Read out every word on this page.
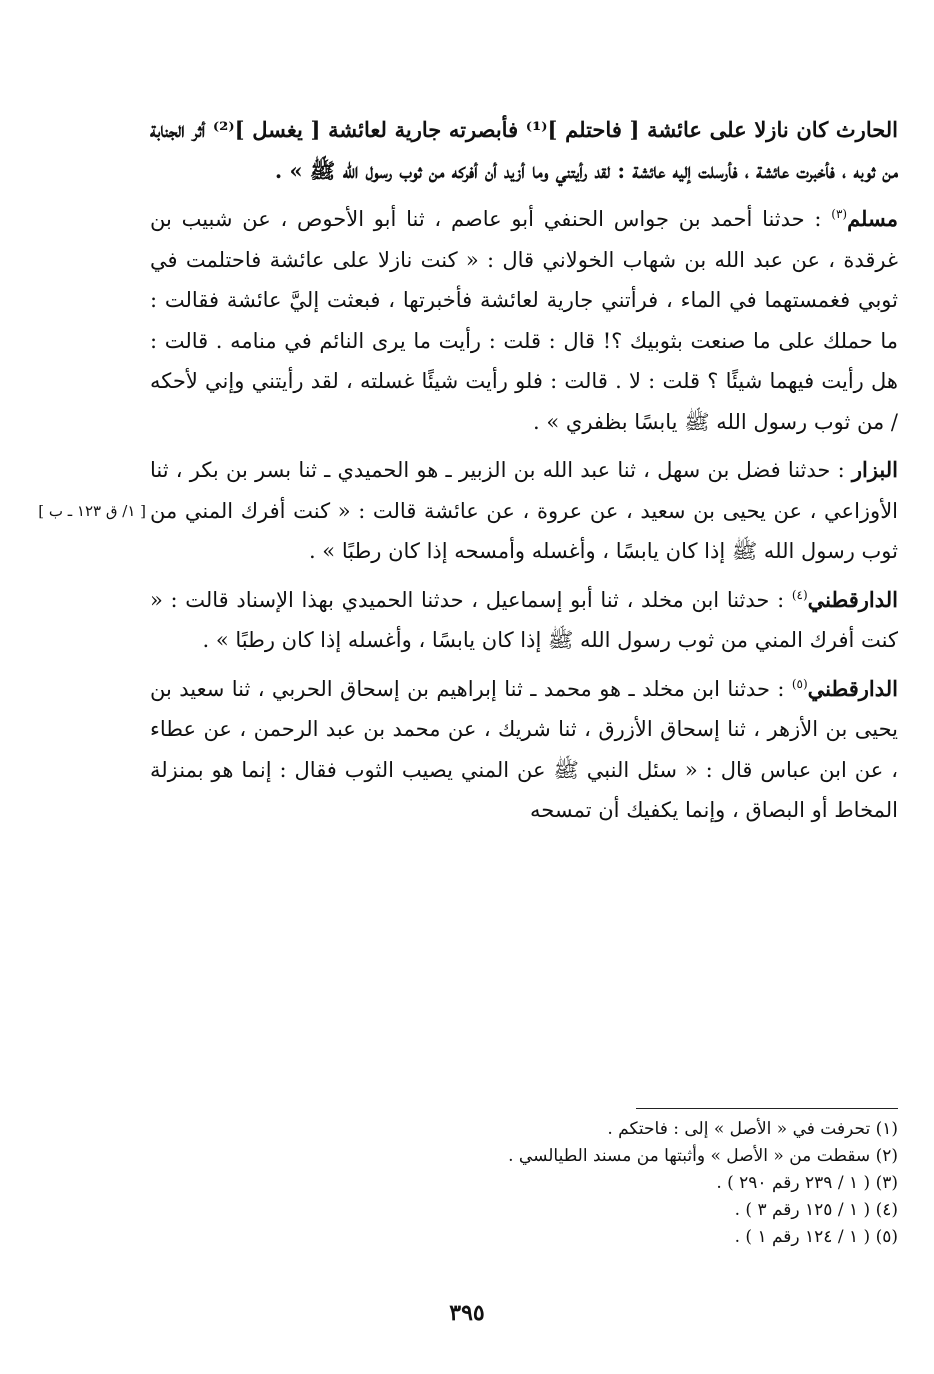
[ ١/ ق ١٢٣ ـ ب ]

الحارث كان نازلا على عائشة [ فاحتلم ]⁽¹⁾ فأبصرته جارية لعائشة [ يغسل ]⁽²⁾ أثر الجنابة من ثوبه ، فأخبرت عائشة ، فأرسلت إليه عائشة : لقد رأيتني وما أزيد أن أفركه من ثوب رسول الله ﷺ » .

مسلم$^{(٣)}$ : حدثنا أحمد بن جواس الحنفي أبو عاصم ، ثنا أبو الأحوص ، عن شبيب بن غرقدة ، عن عبد الله بن شهاب الخولاني قال : « كنت نازلا على عائشة فاحتلمت في ثوبي فغمستهما في الماء ، فرأتني جارية لعائشة فأخبرتها ، فبعثت إليَّ عائشة فقالت : ما حملك على ما صنعت بثوبيك ؟! قال : قلت : رأيت ما يرى النائم في منامه . قالت : هل رأيت فيهما شيئًا ؟ قلت : لا . قالت : فلو رأيت شيئًا غسلته ، لقد رأيتني وإني لأحكه / من ثوب رسول الله ﷺ يابسًا بظفري » .

البزار : حدثنا فضل بن سهل ، ثنا عبد الله بن الزبير ـ هو الحميدي ـ ثنا بسر بن بكر ، ثنا الأوزاعي ، عن يحيى بن سعيد ، عن عروة ، عن عائشة قالت : « كنت أفرك المني من ثوب رسول الله ﷺ إذا كان يابسًا ، وأغسله وأمسحه إذا كان رطبًا » .

الدارقطني$^{(٤)}$ : حدثنا ابن مخلد ، ثنا أبو إسماعيل ، حدثنا الحميدي بهذا الإسناد قالت : « كنت أفرك المني من ثوب رسول الله ﷺ إذا كان يابسًا ، وأغسله إذا كان رطبًا » .

الدارقطني$^{(٥)}$ : حدثنا ابن مخلد ـ هو محمد ـ ثنا إبراهيم بن إسحاق الحربي ، ثنا سعيد بن يحيى بن الأزهر ، ثنا إسحاق الأزرق ، ثنا شريك ، عن محمد بن عبد الرحمن ، عن عطاء ، عن ابن عباس قال : « سئل النبي ﷺ عن المني يصيب الثوب فقال : إنما هو بمنزلة المخاط أو البصاق ، وإنما يكفيك أن تمسحه

(١) تحرفت في « الأصل » إلى : فاحتكم .

(٢) سقطت من « الأصل » وأثبتها من مسند الطيالسي .

(٣) ( ١ / ٢٣٩ رقم ٢٩٠ ) .

(٤) ( ١ / ١٢٥ رقم ٣ ) .

(٥) ( ١ / ١٢٤ رقم ١ ) .

٣٩٥
